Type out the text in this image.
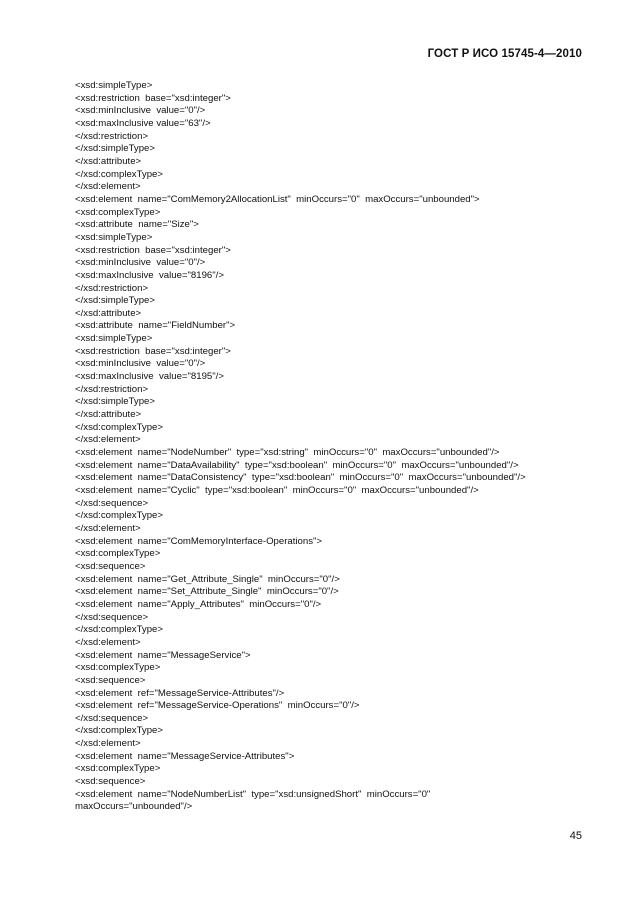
ГОСТ Р ИСО 15745-4—2010
<xsd:simpleType>
<xsd:restriction  base="xsd:integer">
<xsd:minInclusive  value="0"/>
<xsd:maxInclusive value="63"/>
</xsd:restriction>
</xsd:simpleType>
</xsd:attribute>
</xsd:complexType>
</xsd:element>
<xsd:element  name="ComMemory2AllocationList"  minOccurs="0"  maxOccurs="unbounded">
<xsd:complexType>
<xsd:attribute  name="Size">
<xsd:simpleType>
<xsd:restriction  base="xsd:integer">
<xsd:minInclusive  value="0"/>
<xsd:maxInclusive  value="8196"/>
</xsd:restriction>
</xsd:simpleType>
</xsd:attribute>
<xsd:attribute  name="FieldNumber">
<xsd:simpleType>
<xsd:restriction  base="xsd:integer">
<xsd:minInclusive  value="0"/>
<xsd:maxInclusive  value="8195"/>
</xsd:restriction>
</xsd:simpleType>
</xsd:attribute>
</xsd:complexType>
</xsd:element>
<xsd:element  name="NodeNumber"  type="xsd:string"  minOccurs="0"  maxOccurs="unbounded"/>
<xsd:element  name="DataAvailability"  type="xsd:boolean"  minOccurs="0"  maxOccurs="unbounded"/>
<xsd:element  name="DataConsistency"  type="xsd:boolean"  minOccurs="0"  maxOccurs="unbounded"/>
<xsd:element  name="Cyclic"  type="xsd:boolean"  minOccurs="0"  maxOccurs="unbounded"/>
</xsd:sequence>
</xsd:complexType>
</xsd:element>
<xsd:element  name="ComMemoryInterface-Operations">
<xsd:complexType>
<xsd:sequence>
<xsd:element  name="Get_Attribute_Single"  minOccurs="0"/>
<xsd:element  name="Set_Attribute_Single"  minOccurs="0"/>
<xsd:element  name="Apply_Attributes"  minOccurs="0"/>
</xsd:sequence>
</xsd:complexType>
</xsd:element>
<xsd:element  name="MessageService">
<xsd:complexType>
<xsd:sequence>
<xsd:element  ref="MessageService-Attributes"/>
<xsd:element  ref="MessageService-Operations"  minOccurs="0"/>
</xsd:sequence>
</xsd:complexType>
</xsd:element>
<xsd:element  name="MessageService-Attributes">
<xsd:complexType>
<xsd:sequence>
<xsd:element  name="NodeNumberList"  type="xsd:unsignedShort"  minOccurs="0"
maxOccurs="unbounded"/>
45
